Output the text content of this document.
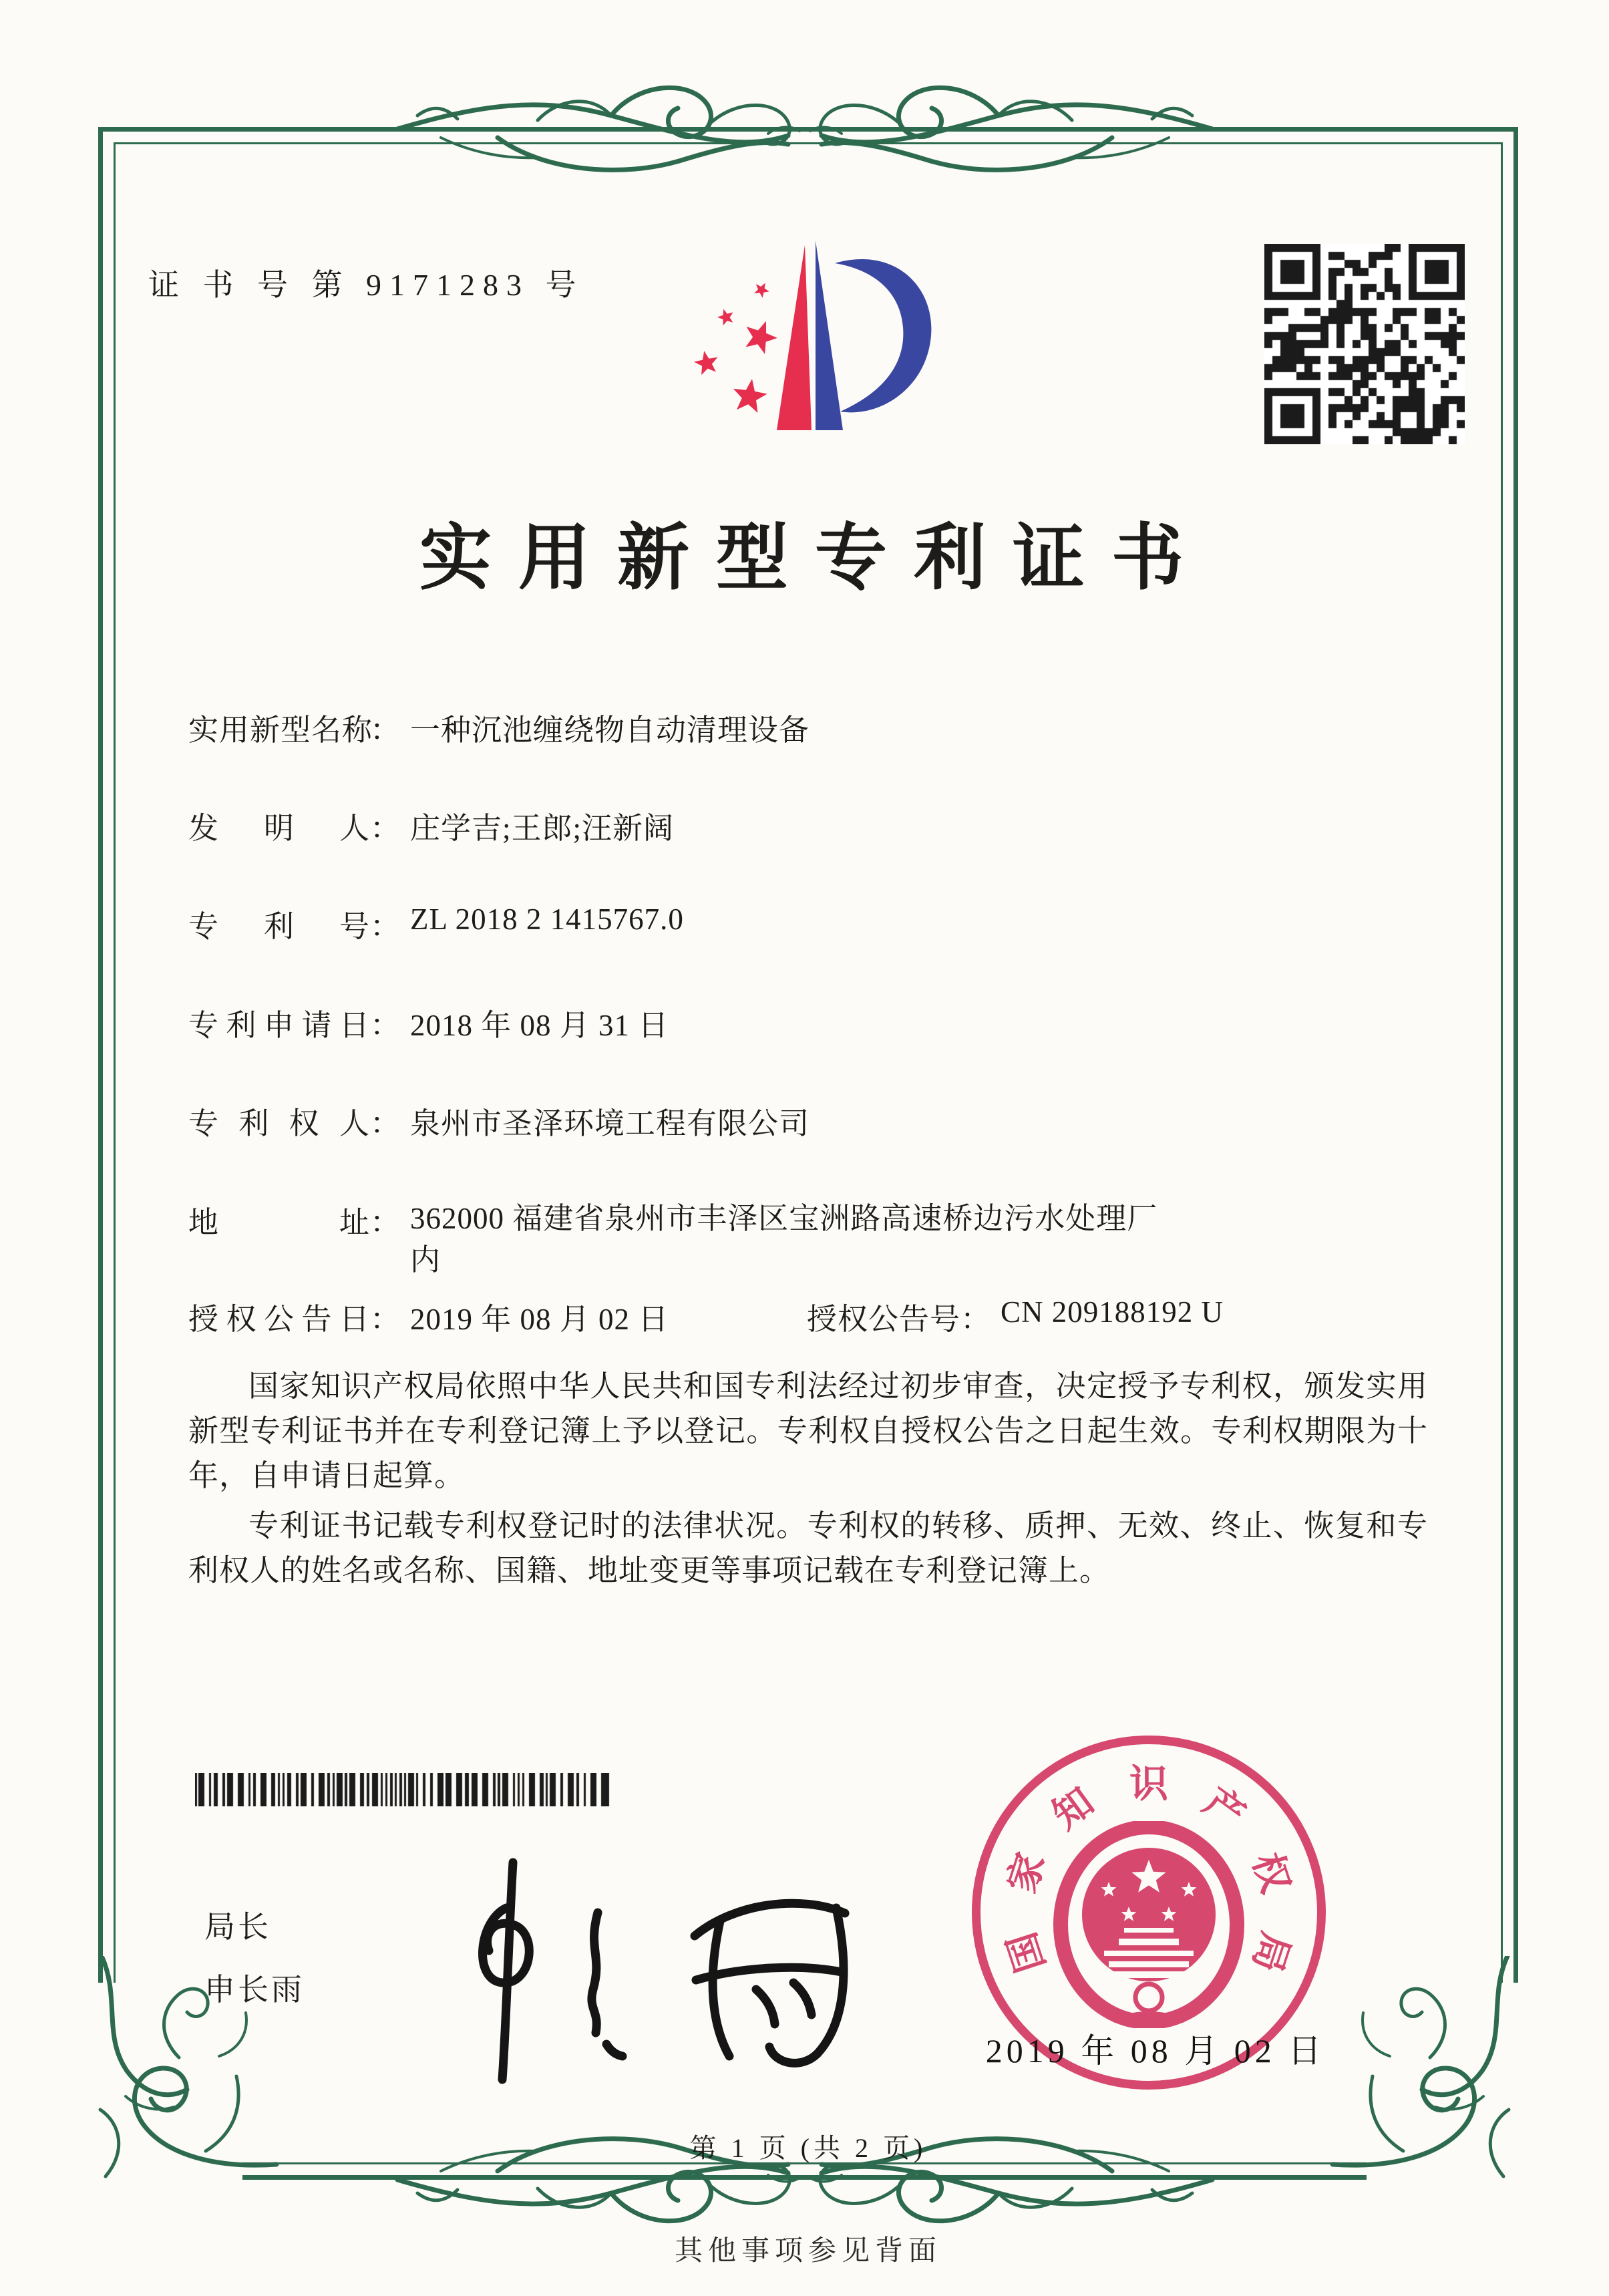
证 书 号 第 9171283 号
实用新型专利证书
实用新型名称： 一种沉池缠绕物自动清理设备
发明人： 庄学吉;王郎;汪新阔
专利号： ZL 2018 2 1415767.0
专利申请日： 2018 年 08 月 31 日
专利权人： 泉州市圣泽环境工程有限公司
地址： 362000 福建省泉州市丰泽区宝洲路高速桥边污水处理厂内
授权公告日： 2019 年 08 月 02 日	授权公告号： CN 209188192 U

国家知识产权局依照中华人民共和国专利法经过初步审查，决定授予专利权，颁发实用新型专利证书并在专利登记簿上予以登记。专利权自授权公告之日起生效。专利权期限为十年，自申请日起算。

专利证书记载专利权登记时的法律状况。专利权的转移、质押、无效、终止、恢复和专利权人的姓名或名称、国籍、地址变更等事项记载在专利登记簿上。

局长
申长雨
国
家
知 识 产
权
局
2019 年 08 月 02 日
第 1 页 (共 2 页)
其他事项参见背面
